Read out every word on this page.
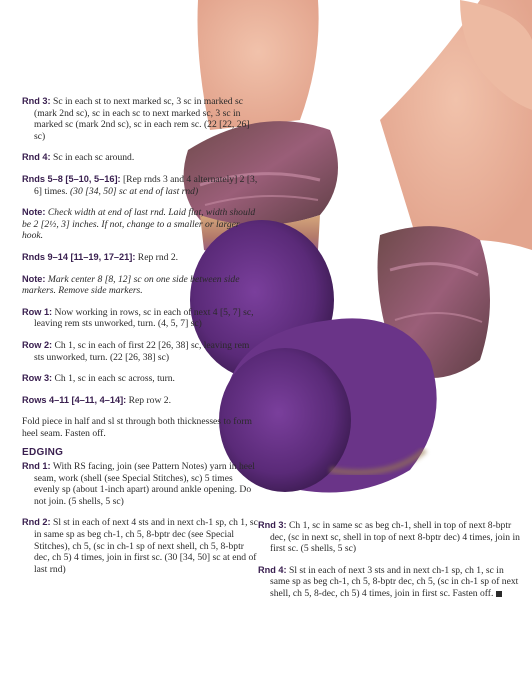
Rnd 3: Sc in each st to next marked sc, 3 sc in marked sc (mark 2nd sc), sc in each sc to next marked sc, 3 sc in marked sc (mark 2nd sc), sc in each rem sc. (22 [22, 26] sc)

Rnd 4: Sc in each sc around.

Rnds 5–8 [5–10, 5–16]: [Rep rnds 3 and 4 alternately] 2 [3, 6] times. (30 [34, 50] sc at end of last rnd)

Note: Check width at end of last rnd. Laid flat, width should be 2 [2½, 3] inches. If not, change to a smaller or larger hook.

Rnds 9–14 [11–19, 17–21]: Rep rnd 2.

Note: Mark center 8 [8, 12] sc on one side between side markers. Remove side markers.

Row 1: Now working in rows, sc in each of next 4 [5, 7] sc, leaving rem sts unworked, turn. (4, 5, 7] sc)

Row 2: Ch 1, sc in each of first 22 [26, 38] sc, leaving rem sts unworked, turn. (22 [26, 38] sc)

Row 3: Ch 1, sc in each sc across, turn.

Rows 4–11 [4–11, 4–14]: Rep row 2.

Fold piece in half and sl st through both thicknesses to form heel seam. Fasten off.

EDGING

Rnd 1: With RS facing, join (see Pattern Notes) yarn in heel seam, work (shell (see Special Stitches), sc) 5 times evenly sp (about 1-inch apart) around ankle opening. Do not join. (5 shells, 5 sc)

Rnd 2: Sl st in each of next 4 sts and in next ch-1 sp, ch 1, sc in same sp as beg ch-1, ch 5, 8-bptr dec (see Special Stitches), ch 5, (sc in ch-1 sp of next shell, ch 5, 8-bptr dec, ch 5) 4 times, join in first sc. (30 [34, 50] sc at end of last rnd)

Rnd 3: Ch 1, sc in same sc as beg ch-1, shell in top of next 8-bptr dec, (sc in next sc, shell in top of next 8-bptr dec) 4 times, join in first sc. (5 shells, 5 sc)

Rnd 4: Sl st in each of next 3 sts and in next ch-1 sp, ch 1, sc in same sp as beg ch-1, ch 5, 8-bptr dec, ch 5, (sc in ch-1 sp of next shell, ch 5, 8-dec, ch 5) 4 times, join in first sc. Fasten off.
